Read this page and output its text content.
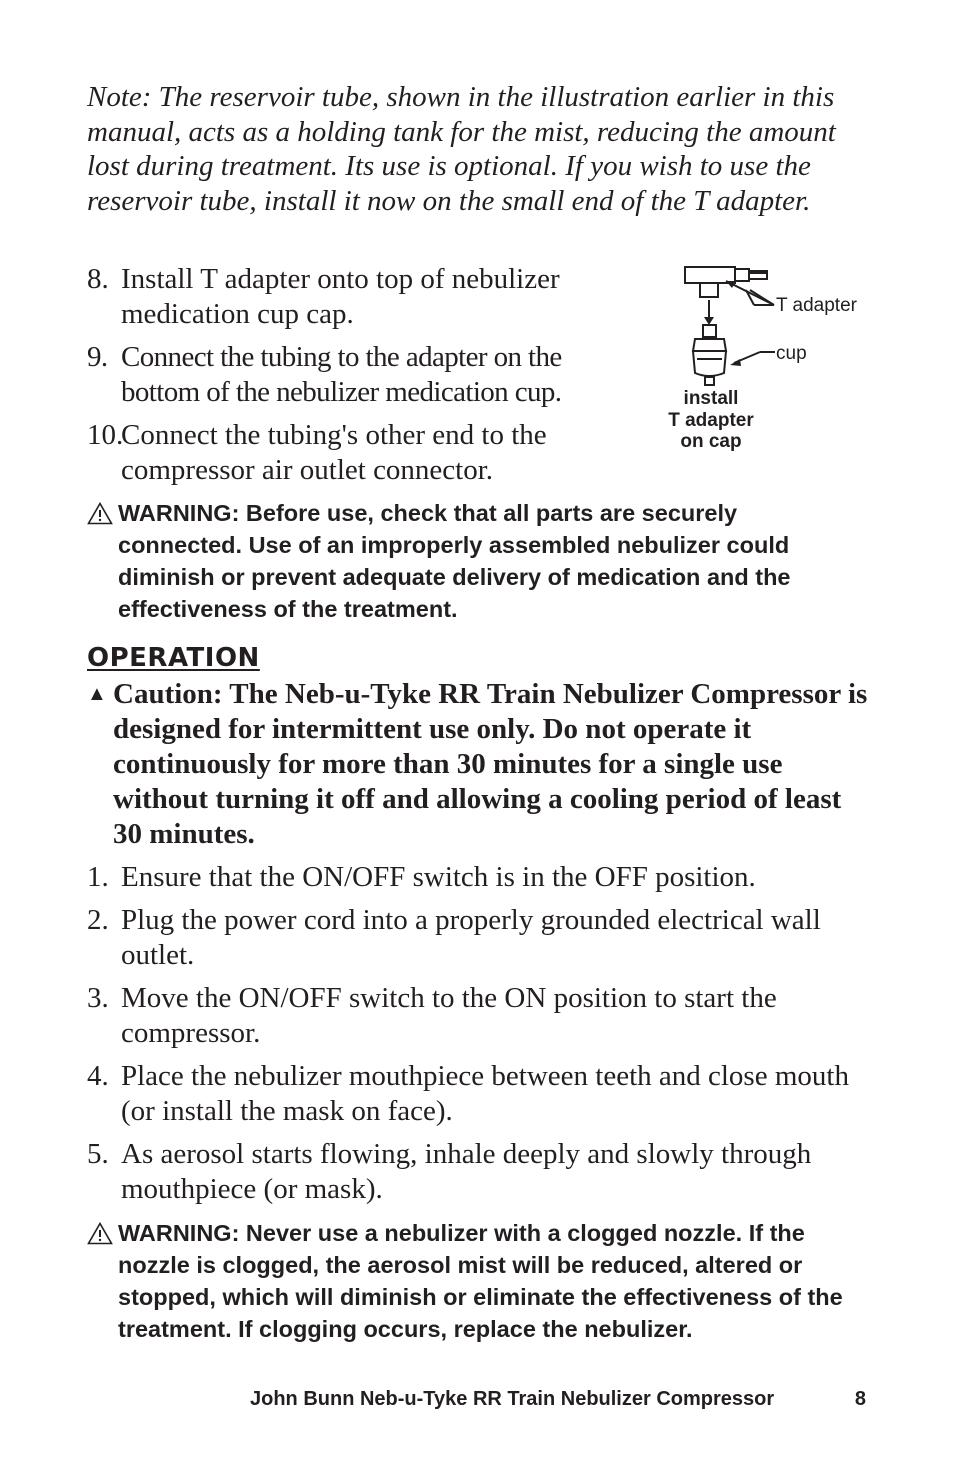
Note: The reservoir tube, shown in the illustration earlier in this manual, acts as a holding tank for the mist, reducing the amount lost during treatment. Its use is optional. If you wish to use the reservoir tube, install it now on the small end of the T adapter.

8. Install T adapter onto top of nebulizer medication cup cap.
9. Connect the tubing to the adapter on the bottom of the nebulizer medication cup.
10.
Connect the tubing's other end to the compressor air outlet connector.
T adapter
cup
install
T adapter
on cap
WARNING: Before use, check that all parts are securely connected. Use of an improperly assembled nebulizer could diminish or prevent adequate delivery of medication and the effectiveness of the treatment.
OPERATION
▲ Caution: The Neb-u-Tyke RR Train Nebulizer Compressor is designed for intermittent use only. Do not operate it continuously for more than 30 minutes for a single use without turning it off and allowing a cooling period of least 30 minutes.
1. Ensure that the ON/OFF switch is in the OFF position.
2. Plug the power cord into a properly grounded electrical wall outlet.
3. Move the ON/OFF switch to the ON position to start the compressor.
4. Place the nebulizer mouthpiece between teeth and close mouth (or install the mask on face).
5. As aerosol starts flowing, inhale deeply and slowly through mouthpiece (or mask).
WARNING: Never use a nebulizer with a clogged nozzle. If the nozzle is clogged, the aerosol mist will be reduced, altered or stopped, which will diminish or eliminate the effectiveness of the treatment. If clogging occurs, replace the nebulizer.
John Bunn Neb-u-Tyke RR Train Nebulizer Compressor	8
